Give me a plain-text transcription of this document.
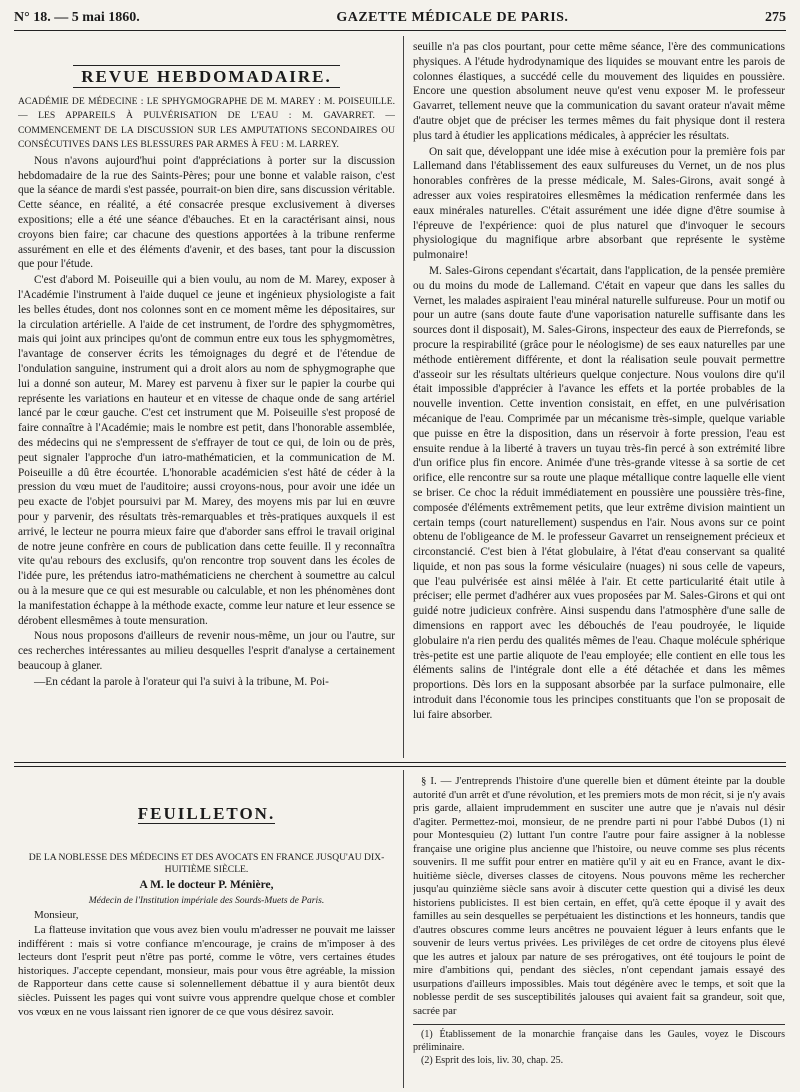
N° 18. — 5 mai 1860.	GAZETTE MÉDICALE DE PARIS.	275
REVUE HEBDOMADAIRE.

ACADÉMIE DE MÉDECINE : LE SPHYGMOGRAPHE DE M. MAREY : M. POISEUILLE. — LES APPAREILS À PULVÉRISATION DE L'EAU : M. GAVARRET. — COMMENCEMENT DE LA DISCUSSION SUR LES AMPUTATIONS SECONDAIRES OU CONSÉCUTIVES DANS LES BLESSURES PAR ARMES À FEU : M. LARREY.

Nous n'avons aujourd'hui point d'appréciations à porter sur la discussion hebdomadaire de la rue des Saints-Pères; pour une bonne et valable raison, c'est que la séance de mardi s'est passée, pourrait-on bien dire, sans discussion véritable. Cette séance, en réalité, a été consacrée presque exclusivement à diverses expositions; elle a été une séance d'ébauches. Et en la caractérisant ainsi, nous croyons bien faire; car chacune des questions apportées à la tribune renferme assurément en elle et des éléments d'avenir, et des bases, tant pour la discussion que pour l'étude.

C'est d'abord M. Poiseuille qui a bien voulu, au nom de M. Marey, exposer à l'Académie l'instrument à l'aide duquel ce jeune et ingénieux physiologiste a fait les belles études, dont nos colonnes sont en ce moment même les dépositaires, sur la circulation artérielle. A l'aide de cet instrument, de l'ordre des sphygmomètres, mais qui joint aux principes qu'ont de commun entre eux tous les sphygmomètres, l'avantage de conserver écrits les témoignages du degré et de l'étendue de l'ondulation sanguine, instrument qui a droit alors au nom de sphygmographe que lui a donné son auteur, M. Marey est parvenu à fixer sur le papier la courbe qui représente les variations en hauteur et en vitesse de chaque onde de sang artériel lancé par le cœur gauche. C'est cet instrument que M. Poiseuille s'est proposé de faire connaître à l'Académie; mais le nombre est petit, dans l'honorable assemblée, des médecins qui ne s'empressent de s'effrayer de tout ce qui, de loin ou de près, peut signaler l'approche d'un iatro-mathématicien, et la communication de M. Poiseuille a dû être écourtée. L'honorable académicien s'est hâté de céder à la pression du vœu muet de l'auditoire; aussi croyons-nous, pour avoir une idée un peu exacte de l'objet poursuivi par M. Marey, des moyens mis par lui en œuvre pour y parvenir, des résultats très-remarquables et très-pratiques auxquels il est arrivé, le lecteur ne pourra mieux faire que d'aborder sans effroi le travail original de notre jeune confrère en cours de publication dans cette feuille. Il y reconnaîtra vite qu'au rebours des exclusifs, qu'on rencontre trop souvent dans les écoles de l'idée pure, les prétendus iatro-mathématiciens ne cherchent à soumettre au calcul ou à la mesure que ce qui est mesurable ou calculable, et non les phénomènes dont la manifestation échappe à la méthode exacte, comme leur nature et leur essence se dérobent ellesmêmes à toute mensuration.

Nous nous proposons d'ailleurs de revenir nous-même, un jour ou l'autre, sur ces recherches intéressantes au milieu desquelles l'esprit d'analyse a certainement beaucoup à glaner.

—En cédant la parole à l'orateur qui l'a suivi à la tribune, M. Poi-

seuille n'a pas clos pourtant, pour cette même séance, l'ère des communications physiques. A l'étude hydrodynamique des liquides se mouvant entre les parois de colonnes élastiques, a succédé celle du mouvement des liquides en poussière. Encore une question absolument neuve qu'est venu exposer M. le professeur Gavarret, tellement neuve que la communication du savant orateur n'avait même d'autre objet que de préciser les termes mêmes du fait physique dont il restera plus tard à étudier les applications médicales, à apprécier les résultats.

On sait que, développant une idée mise à exécution pour la première fois par Lallemand dans l'établissement des eaux sulfureuses du Vernet, un de nos plus honorables confrères de la presse médicale, M. Sales-Girons, avait songé à adresser aux voies respiratoires ellesmêmes la médication renfermée dans les eaux minérales naturelles. C'était assurément une idée digne d'être soumise à l'épreuve de l'expérience: quoi de plus naturel que d'invoquer le secours physiologique du magnifique arbre absorbant que représente le système pulmonaire!

M. Sales-Girons cependant s'écartait, dans l'application, de la pensée première ou du moins du mode de Lallemand. C'était en vapeur que dans les salles du Vernet, les malades aspiraient l'eau minéral naturelle sulfureuse. Pour un motif ou pour un autre (sans doute faute d'une vaporisation naturelle suffisante dans les sources dont il disposait), M. Sales-Girons, inspecteur des eaux de Pierrefonds, se procure la respirabilité (grâce pour le néologisme) de ses eaux naturelles par une méthode entièrement différente, et dont la réalisation seule pouvait permettre d'asseoir sur les résultats ultérieurs quelque conjecture. Nous voulons dire qu'il était impossible d'apprécier à l'avance les effets et la portée probables de la nouvelle invention. Cette invention consistait, en effet, en une pulvérisation mécanique de l'eau. Comprimée par un mécanisme très-simple, quelque variable que puisse en être la disposition, dans un réservoir à forte pression, l'eau est ensuite rendue à la liberté à travers un tuyau très-fin percé à son extrémité libre d'un orifice plus fin encore. Animée d'une très-grande vitesse à sa sortie de cet orifice, elle rencontre sur sa route une plaque métallique contre laquelle elle vient se briser. Ce choc la réduit immédiatement en poussière une poussière très-fine, composée d'éléments extrêmement petits, que leur extrême division maintient un certain temps (court naturellement) suspendus en l'air. Nous avons sur ce point obtenu de l'obligeance de M. le professeur Gavarret un renseignement précieux et circonstancié. C'est bien à l'état globulaire, à l'état d'eau conservant sa qualité liquide, et non pas sous la forme vésiculaire (nuages) ni sous celle de vapeurs, que l'eau pulvérisée est ainsi mêlée à l'air. Et cette particularité était utile à préciser; elle permet d'adhérer aux vues proposées par M. Sales-Girons et qui ont guidé notre judicieux confrère. Ainsi suspendu dans l'atmosphère d'une salle de dimensions en rapport avec les débouchés de l'eau poudroyée, le liquide globulaire n'a rien perdu des qualités mêmes de l'eau. Chaque molécule sphérique très-petite est une partie aliquote de l'eau employée; elle contient en elle tous les éléments salins de l'intégrale dont elle a été détachée et dans les mêmes proportions. Dès lors en la supposant absorbée par la surface pulmonaire, elle introduit dans l'économie tous les principes constituants que l'on se proposait de lui faire absorber.

FEUILLETON.

DE LA NOBLESSE DES MÉDECINS ET DES AVOCATS EN FRANCE JUSQU'AU DIX-HUITIÈME SIÈCLE.

A M. le docteur P. Ménière,

Médecin de l'Institution impériale des Sourds-Muets de Paris.

Monsieur,

La flatteuse invitation que vous avez bien voulu m'adresser ne pouvait me laisser indifférent : mais si votre confiance m'encourage, je crains de m'imposer à des lecteurs dont l'esprit peut n'être pas porté, comme le vôtre, vers certaines études historiques. J'accepte cependant, monsieur, mais pour vous être agréable, la mission de Rapporteur dans cette cause si solennellement débattue il y aura bientôt deux siècles. Puissent les pages qui vont suivre vous apprendre quelque chose et combler vos vœux en ne vous laissant rien ignorer de ce que vous désirez savoir.

§ I. — J'entreprends l'histoire d'une querelle bien et dûment éteinte par la double autorité d'un arrêt et d'une révolution, et les premiers mots de mon récit, si je n'y avais pris garde, allaient imprudemment en susciter une autre que je n'avais nul désir d'agiter. Permettez-moi, monsieur, de ne prendre parti ni pour l'abbé Dubos (1) ni pour Montesquieu (2) luttant l'un contre l'autre pour faire assigner à la noblesse française une origine plus ancienne que l'histoire, ou neuve comme ses plus récents souvenirs. Il me suffit pour entrer en matière qu'il y ait eu en France, avant le dix-huitième siècle, diverses classes de citoyens. Nous pouvons même les rechercher jusqu'au quinzième siècle sans avoir à discuter cette question qui a divisé les deux historiens publicistes. Il est bien certain, en effet, qu'à cette époque il y avait des familles au sein desquelles se perpétuaient les distinctions et les honneurs, tandis que d'autres obscures comme leurs ancêtres ne pouvaient léguer à leurs enfants que le souvenir de leurs vertus privées. Les privilèges de cet ordre de citoyens plus élevé que les autres et jaloux par nature de ses prérogatives, ont été toujours le point de mire d'ambitions qui, pendant des siècles, n'ont cependant jamais essayé des usurpations d'ailleurs impossibles. Mais tout dégénère avec le temps, et soit que la noblesse perdit de ses susceptibilités jalouses qui avaient fait sa grandeur, soit que, sacrée par

(1) Établissement de la monarchie française dans les Gaules, voyez le Discours préliminaire.
(2) Esprit des lois, liv. 30, chap. 25.
